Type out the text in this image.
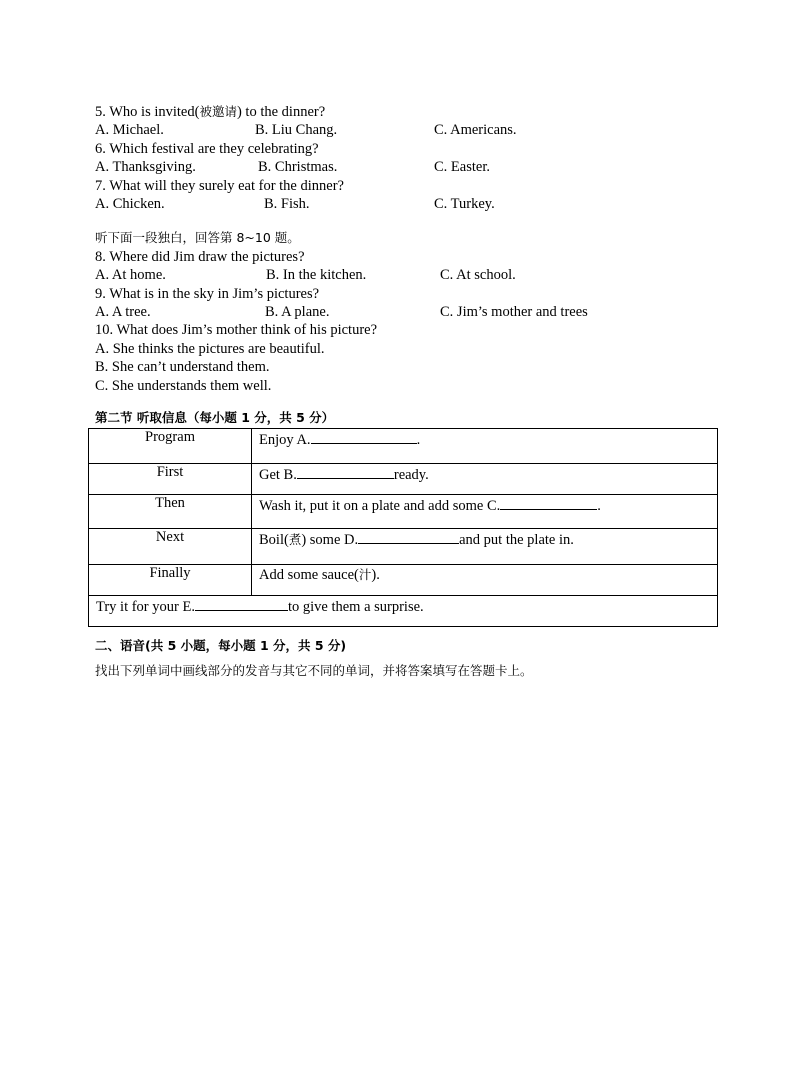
5. Who is invited(被邀请) to the dinner?
A. Michael.	B. Liu Chang.	C. Americans.
6. Which festival are they celebrating?
A. Thanksgiving.	B. Christmas.	C. Easter.
7. What will they surely eat for the dinner?
A. Chicken.	B. Fish.	C. Turkey.
听下面一段独白，回答第 8~10 题。
8. Where did Jim draw the pictures?
A. At home.	B. In the kitchen.	C. At school.
9. What is in the sky in Jim’s pictures?
A. A tree.	B. A plane.	C. Jim’s mother and trees
10. What does Jim’s mother think of his picture?
A. She thinks the pictures are beautiful.
B. She can’t understand them.
C. She understands them well.
第二节 听取信息（每小题 1 分，共 5 分）
Program	Enjoy A. .
First	Get B. ready.
Then	Wash it, put it on a plate and add some C. .
Next	Boil(煮) some D. and put the plate in.
Finally	Add some sauce(汁).
Try it for your E. to give them a surprise.	
二、语音(共 5 小题，每小题 1 分，共 5 分)
找出下列单词中画线部分的发音与其它不同的单词，并将答案填写在答题卡上。
